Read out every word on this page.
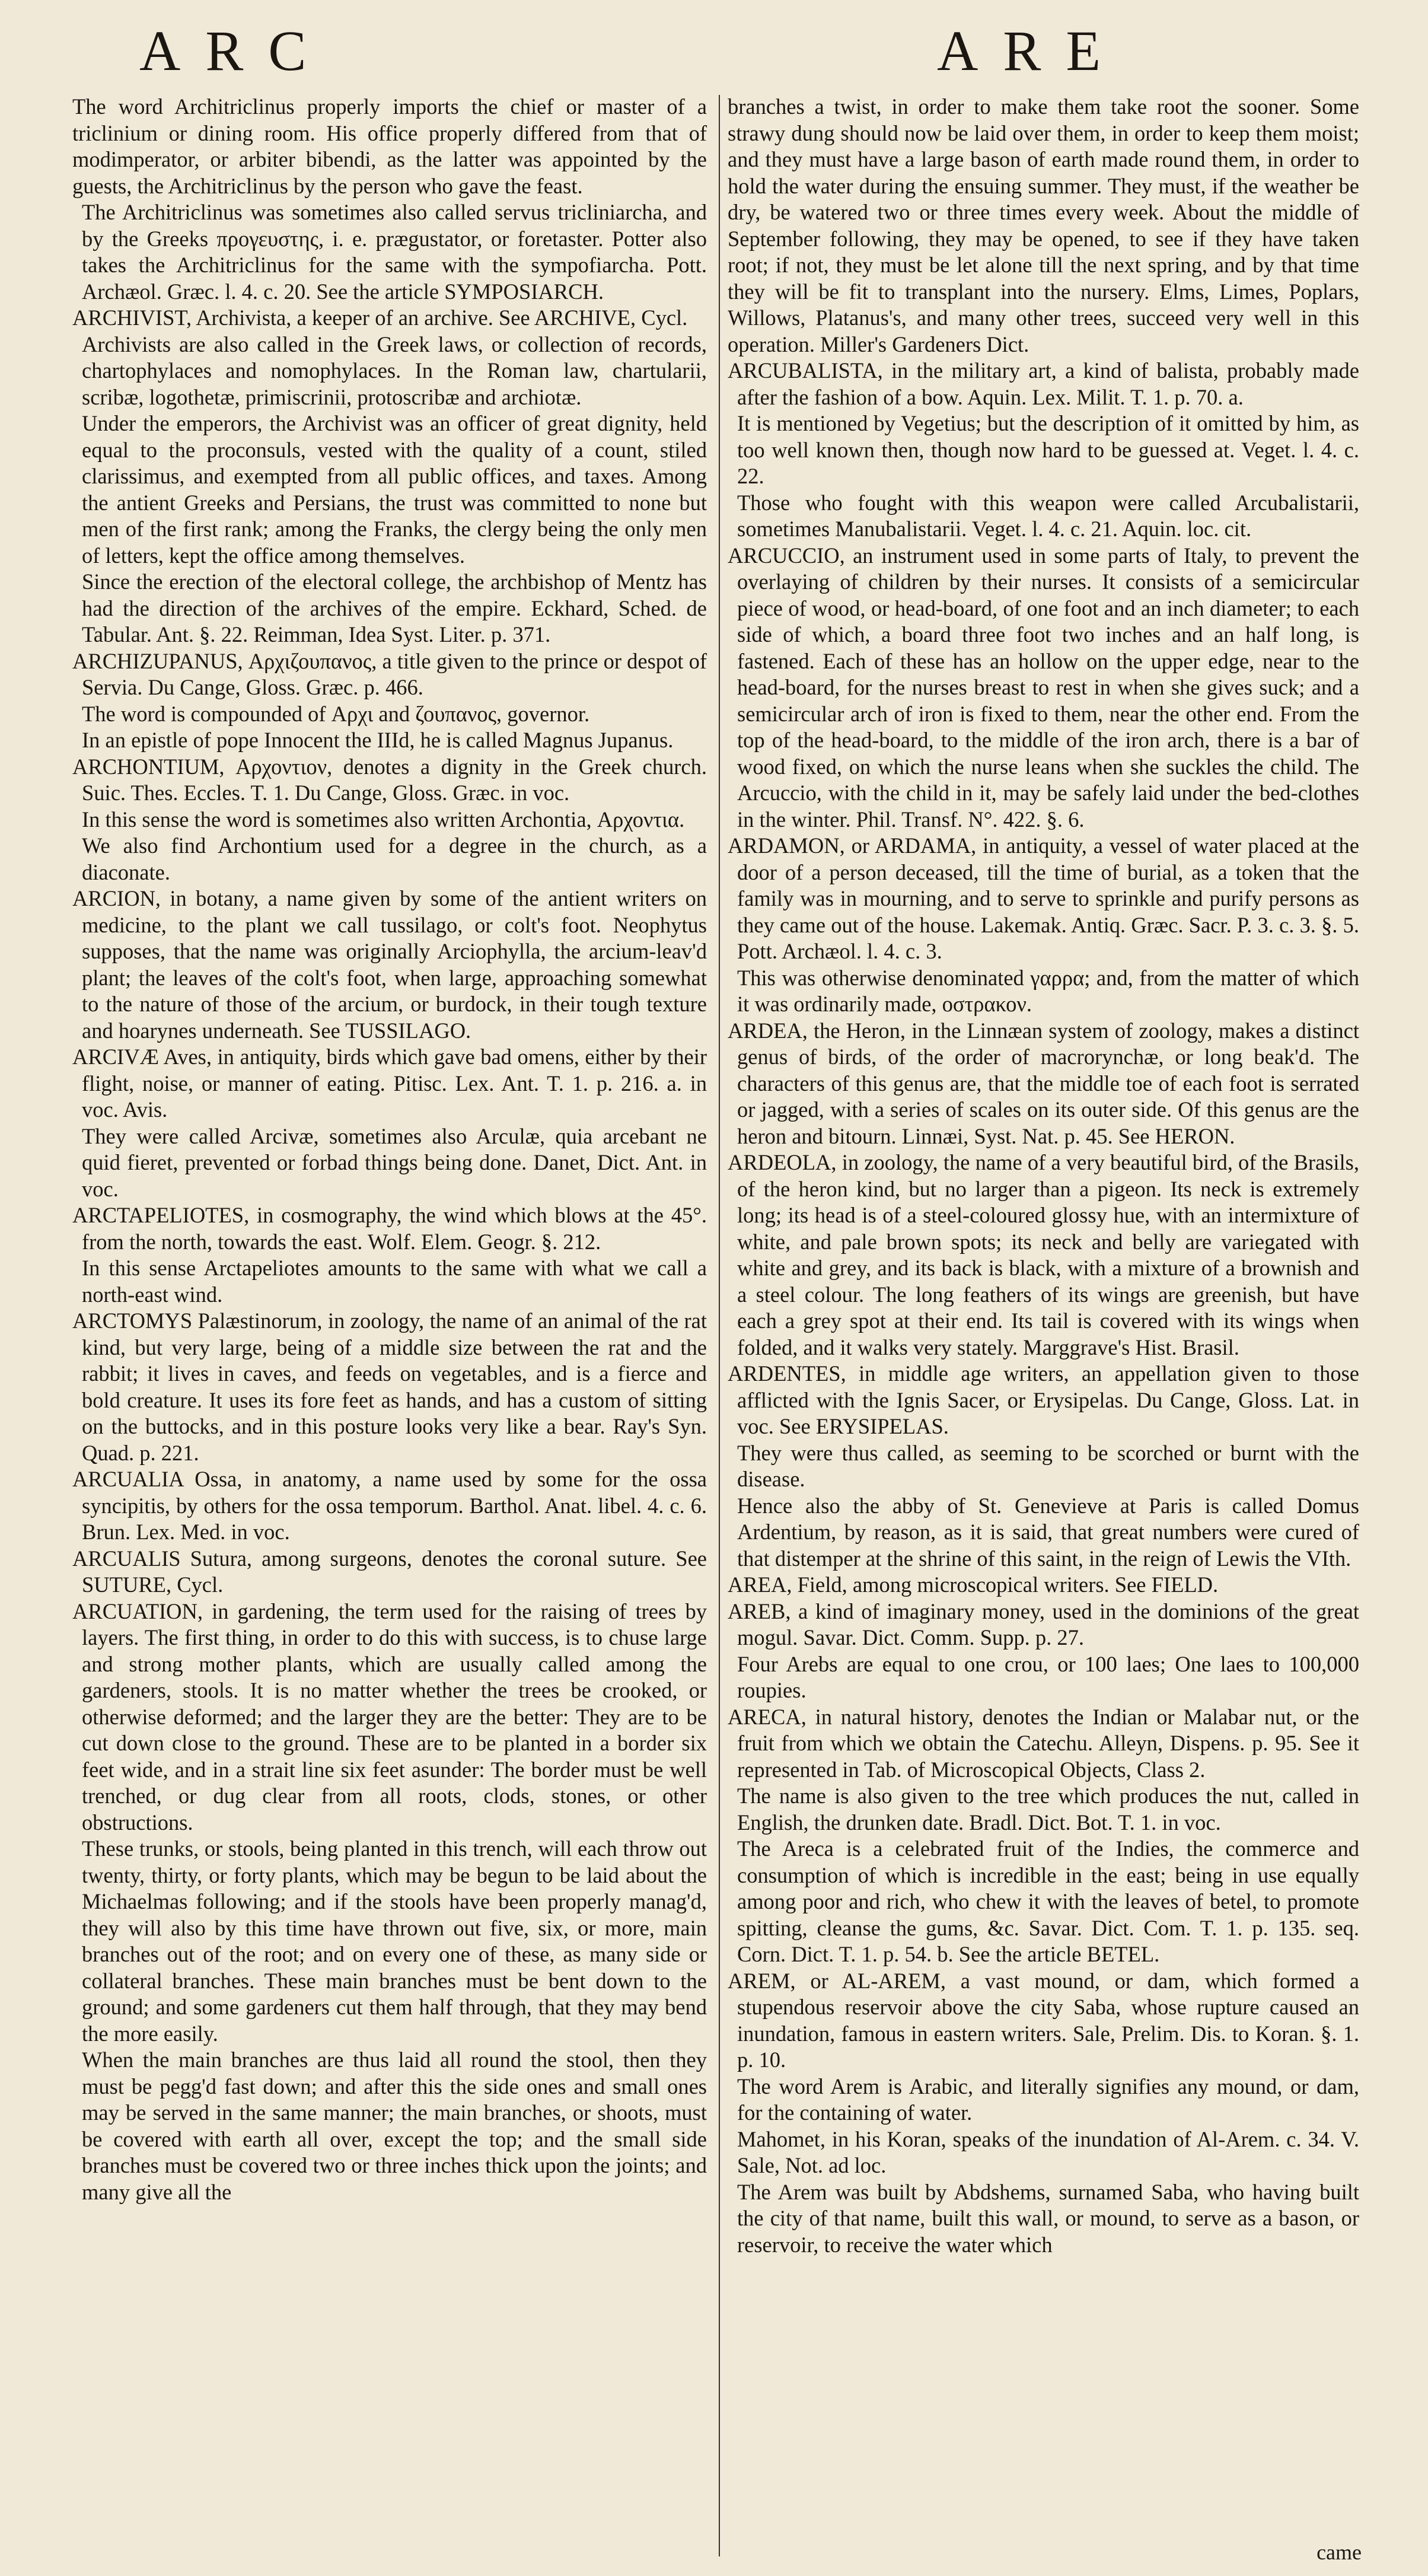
ARC	ARE

The word Architriclinus properly imports the chief or master of a triclinium or dining room. His office properly differed from that of modimperator, or arbiter bibendi, as the latter was appointed by the guests, the Architriclinus by the person who gave the feast.

The Architriclinus was sometimes also called servus tricliniarcha, and by the Greeks προγευστης, i. e. prægustator, or foretaster. Potter also takes the Architriclinus for the same with the sympofiarcha. Pott. Archæol. Græc. l. 4. c. 20. See the article SYMPOSIARCH.

ARCHIVIST, Archivista, a keeper of an archive. See ARCHIVE, Cycl.

Archivists are also called in the Greek laws, or collection of records, chartophylaces and nomophylaces. In the Roman law, chartularii, scribæ, logothetæ, primiscrinii, protoscribæ and archiotæ.

Under the emperors, the Archivist was an officer of great dignity, held equal to the proconsuls, vested with the quality of a count, stiled clarissimus, and exempted from all public offices, and taxes. Among the antient Greeks and Persians, the trust was committed to none but men of the first rank; among the Franks, the clergy being the only men of letters, kept the office among themselves.

Since the erection of the electoral college, the archbishop of Mentz has had the direction of the archives of the empire. Eckhard, Sched. de Tabular. Ant. §. 22. Reimman, Idea Syst. Liter. p. 371.

ARCHIZUPANUS, Αρχιζουπανος, a title given to the prince or despot of Servia. Du Cange, Gloss. Græc. p. 466.

The word is compounded of Αρχι and ζουπανος, governor.

In an epistle of pope Innocent the IIId, he is called Magnus Jupanus.

ARCHONTIUM, Αρχοντιον, denotes a dignity in the Greek church. Suic. Thes. Eccles. T. 1. Du Cange, Gloss. Græc. in voc.

In this sense the word is sometimes also written Archontia, Αρχοντια.

We also find Archontium used for a degree in the church, as a diaconate.

ARCION, in botany, a name given by some of the antient writers on medicine, to the plant we call tussilago, or colt's foot. Neophytus supposes, that the name was originally Arciophylla, the arcium-leav'd plant; the leaves of the colt's foot, when large, approaching somewhat to the nature of those of the arcium, or burdock, in their tough texture and hoarynes underneath. See TUSSILAGO.

ARCIVÆ Aves, in antiquity, birds which gave bad omens, either by their flight, noise, or manner of eating. Pitisc. Lex. Ant. T. 1. p. 216. a. in voc. Avis.

They were called Arcivæ, sometimes also Arculæ, quia arcebant ne quid fieret, prevented or forbad things being done. Danet, Dict. Ant. in voc.

ARCTAPELIOTES, in cosmography, the wind which blows at the 45°. from the north, towards the east. Wolf. Elem. Geogr. §. 212.

In this sense Arctapeliotes amounts to the same with what we call a north-east wind.

ARCTOMYS Palæstinorum, in zoology, the name of an animal of the rat kind, but very large, being of a middle size between the rat and the rabbit; it lives in caves, and feeds on vegetables, and is a fierce and bold creature. It uses its fore feet as hands, and has a custom of sitting on the buttocks, and in this posture looks very like a bear. Ray's Syn. Quad. p. 221.

ARCUALIA Ossa, in anatomy, a name used by some for the ossa syncipitis, by others for the ossa temporum. Barthol. Anat. libel. 4. c. 6. Brun. Lex. Med. in voc.

ARCUALIS Sutura, among surgeons, denotes the coronal suture. See SUTURE, Cycl.

ARCUATION, in gardening, the term used for the raising of trees by layers. The first thing, in order to do this with success, is to chuse large and strong mother plants, which are usually called among the gardeners, stools. It is no matter whether the trees be crooked, or otherwise deformed; and the larger they are the better: They are to be cut down close to the ground. These are to be planted in a border six feet wide, and in a strait line six feet asunder: The border must be well trenched, or dug clear from all roots, clods, stones, or other obstructions.

These trunks, or stools, being planted in this trench, will each throw out twenty, thirty, or forty plants, which may be begun to be laid about the Michaelmas following; and if the stools have been properly manag'd, they will also by this time have thrown out five, six, or more, main branches out of the root; and on every one of these, as many side or collateral branches. These main branches must be bent down to the ground; and some gardeners cut them half through, that they may bend the more easily.

When the main branches are thus laid all round the stool, then they must be pegg'd fast down; and after this the side ones and small ones may be served in the same manner; the main branches, or shoots, must be covered with earth all over, except the top; and the small side branches must be covered two or three inches thick upon the joints; and many give all the

branches a twist, in order to make them take root the sooner. Some strawy dung should now be laid over them, in order to keep them moist; and they must have a large bason of earth made round them, in order to hold the water during the ensuing summer. They must, if the weather be dry, be watered two or three times every week. About the middle of September following, they may be opened, to see if they have taken root; if not, they must be let alone till the next spring, and by that time they will be fit to transplant into the nursery. Elms, Limes, Poplars, Willows, Platanus's, and many other trees, succeed very well in this operation. Miller's Gardeners Dict.

ARCUBALISTA, in the military art, a kind of balista, probably made after the fashion of a bow. Aquin. Lex. Milit. T. 1. p. 70. a.

It is mentioned by Vegetius; but the description of it omitted by him, as too well known then, though now hard to be guessed at. Veget. l. 4. c. 22.

Those who fought with this weapon were called Arcubalistarii, sometimes Manubalistarii. Veget. l. 4. c. 21. Aquin. loc. cit.

ARCUCCIO, an instrument used in some parts of Italy, to prevent the overlaying of children by their nurses. It consists of a semicircular piece of wood, or head-board, of one foot and an inch diameter; to each side of which, a board three foot two inches and an half long, is fastened. Each of these has an hollow on the upper edge, near to the head-board, for the nurses breast to rest in when she gives suck; and a semicircular arch of iron is fixed to them, near the other end. From the top of the head-board, to the middle of the iron arch, there is a bar of wood fixed, on which the nurse leans when she suckles the child. The Arcuccio, with the child in it, may be safely laid under the bed-clothes in the winter. Phil. Transf. N°. 422. §. 6.

ARDAMON, or ARDAMA, in antiquity, a vessel of water placed at the door of a person deceased, till the time of burial, as a token that the family was in mourning, and to serve to sprinkle and purify persons as they came out of the house. Lakemak. Antiq. Græc. Sacr. P. 3. c. 3. §. 5. Pott. Archæol. l. 4. c. 3.

This was otherwise denominated γαρρα; and, from the matter of which it was ordinarily made, οστρακον.

ARDEA, the Heron, in the Linnæan system of zoology, makes a distinct genus of birds, of the order of macrorynchæ, or long beak'd. The characters of this genus are, that the middle toe of each foot is serrated or jagged, with a series of scales on its outer side. Of this genus are the heron and bitourn. Linnæi, Syst. Nat. p. 45. See HERON.

ARDEOLA, in zoology, the name of a very beautiful bird, of the Brasils, of the heron kind, but no larger than a pigeon. Its neck is extremely long; its head is of a steel-coloured glossy hue, with an intermixture of white, and pale brown spots; its neck and belly are variegated with white and grey, and its back is black, with a mixture of a brownish and a steel colour. The long feathers of its wings are greenish, but have each a grey spot at their end. Its tail is covered with its wings when folded, and it walks very stately. Marggrave's Hist. Brasil.

ARDENTES, in middle age writers, an appellation given to those afflicted with the Ignis Sacer, or Erysipelas. Du Cange, Gloss. Lat. in voc. See ERYSIPELAS.

They were thus called, as seeming to be scorched or burnt with the disease.

Hence also the abby of St. Genevieve at Paris is called Domus Ardentium, by reason, as it is said, that great numbers were cured of that distemper at the shrine of this saint, in the reign of Lewis the VIth.

AREA, Field, among microscopical writers. See FIELD.

AREB, a kind of imaginary money, used in the dominions of the great mogul. Savar. Dict. Comm. Supp. p. 27.

Four Arebs are equal to one crou, or 100 laes; One laes to 100,000 roupies.

ARECA, in natural history, denotes the Indian or Malabar nut, or the fruit from which we obtain the Catechu. Alleyn, Dispens. p. 95. See it represented in Tab. of Microscopical Objects, Class 2.

The name is also given to the tree which produces the nut, called in English, the drunken date. Bradl. Dict. Bot. T. 1. in voc.

The Areca is a celebrated fruit of the Indies, the commerce and consumption of which is incredible in the east; being in use equally among poor and rich, who chew it with the leaves of betel, to promote spitting, cleanse the gums, &c. Savar. Dict. Com. T. 1. p. 135. seq. Corn. Dict. T. 1. p. 54. b. See the article BETEL.

AREM, or AL-AREM, a vast mound, or dam, which formed a stupendous reservoir above the city Saba, whose rupture caused an inundation, famous in eastern writers. Sale, Prelim. Dis. to Koran. §. 1. p. 10.

The word Arem is Arabic, and literally signifies any mound, or dam, for the containing of water.

Mahomet, in his Koran, speaks of the inundation of Al-Arem. c. 34. V. Sale, Not. ad loc.

The Arem was built by Abdshems, surnamed Saba, who having built the city of that name, built this wall, or mound, to serve as a bason, or reservoir, to receive the water which

came
